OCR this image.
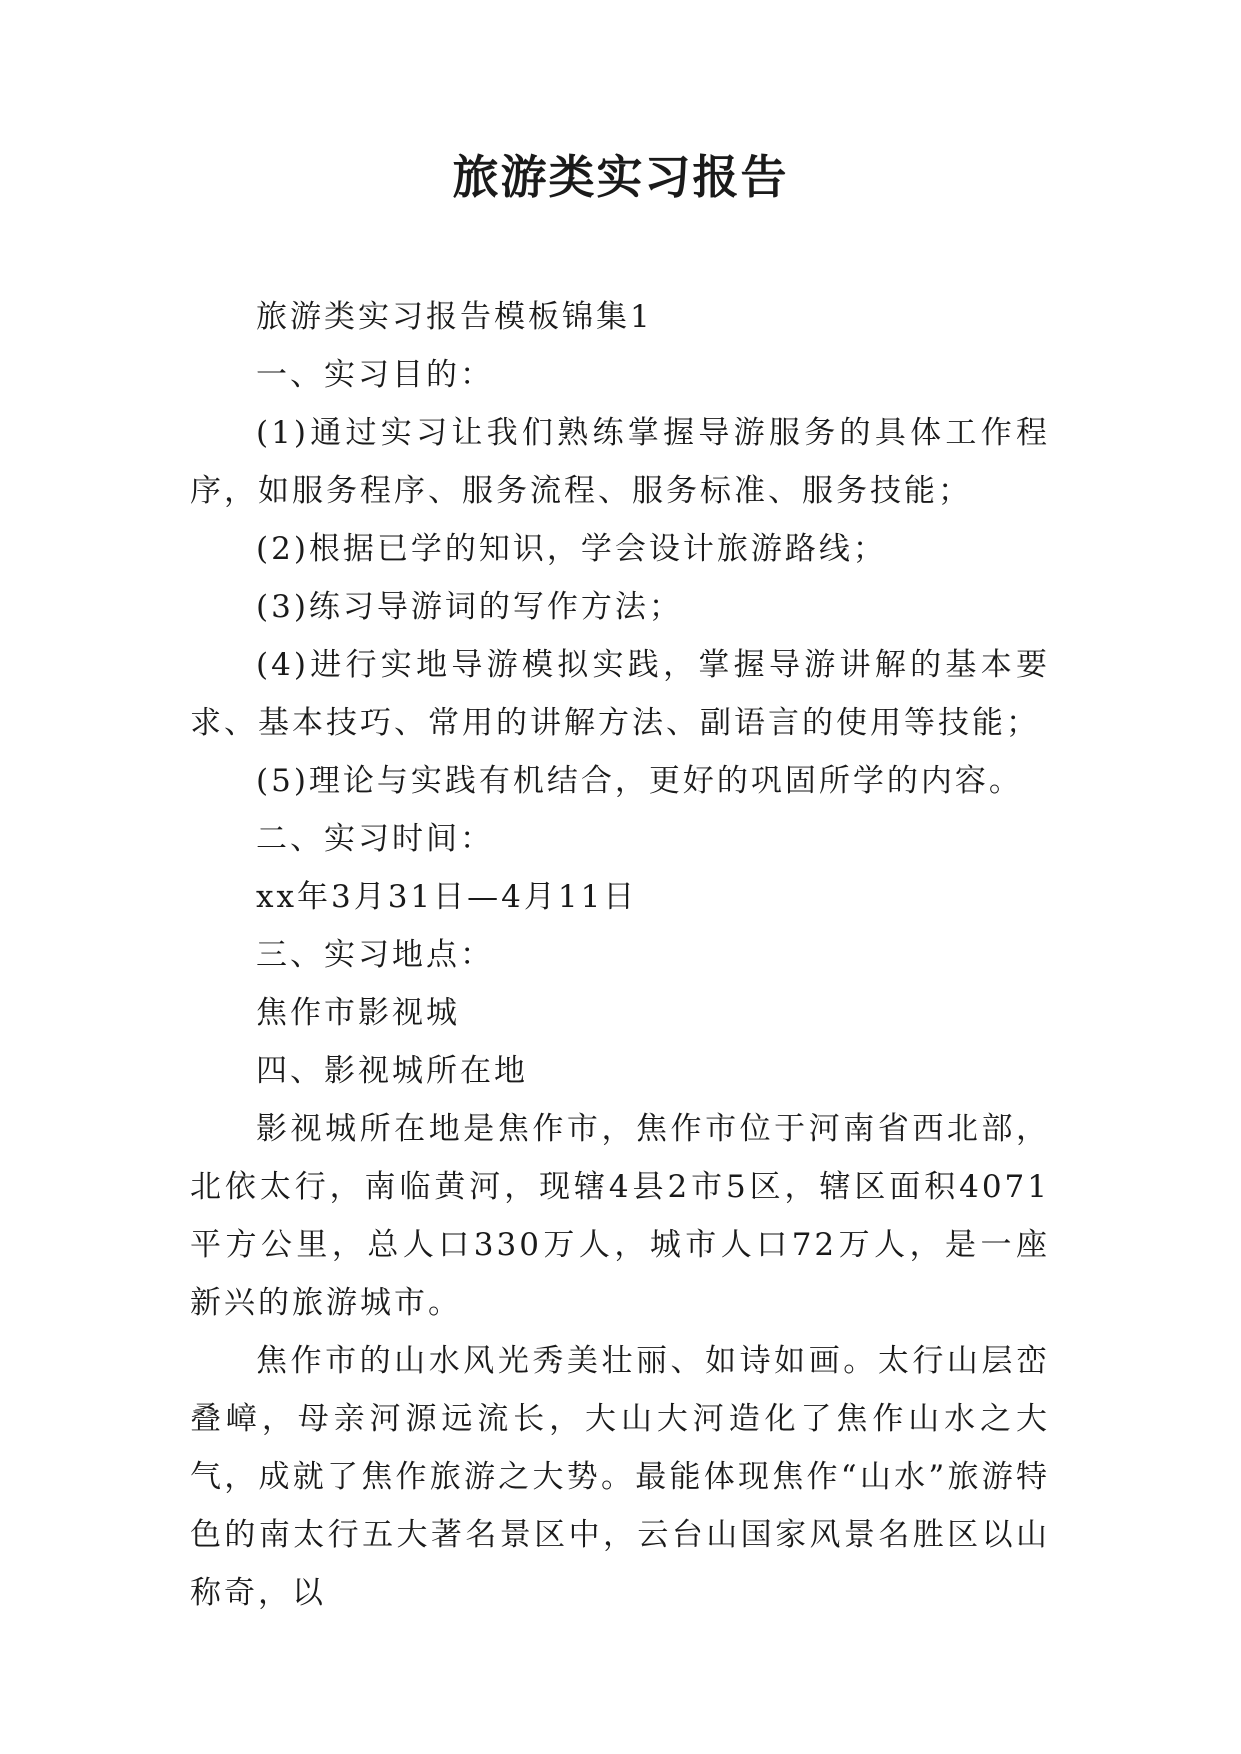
旅游类实习报告

旅游类实习报告模板锦集1

一、实习目的：

(1)通过实习让我们熟练掌握导游服务的具体工作程序，如服务程序、服务流程、服务标准、服务技能；

(2)根据已学的知识，学会设计旅游路线；

(3)练习导游词的写作方法；

(4)进行实地导游模拟实践，掌握导游讲解的基本要求、基本技巧、常用的讲解方法、副语言的使用等技能；

(5)理论与实践有机结合，更好的巩固所学的内容。

二、实习时间：

xx年3月31日—4月11日

三、实习地点：

焦作市影视城

四、影视城所在地

影视城所在地是焦作市，焦作市位于河南省西北部，北依太行，南临黄河，现辖4县2市5区，辖区面积4071平方公里，总人口330万人，城市人口72万人，是一座新兴的旅游城市。

焦作市的山水风光秀美壮丽、如诗如画。太行山层峦叠嶂，母亲河源远流长，大山大河造化了焦作山水之大气，成就了焦作旅游之大势。最能体现焦作“山水”旅游特色的南太行五大著名景区中，云台山国家风景名胜区以山称奇，以
